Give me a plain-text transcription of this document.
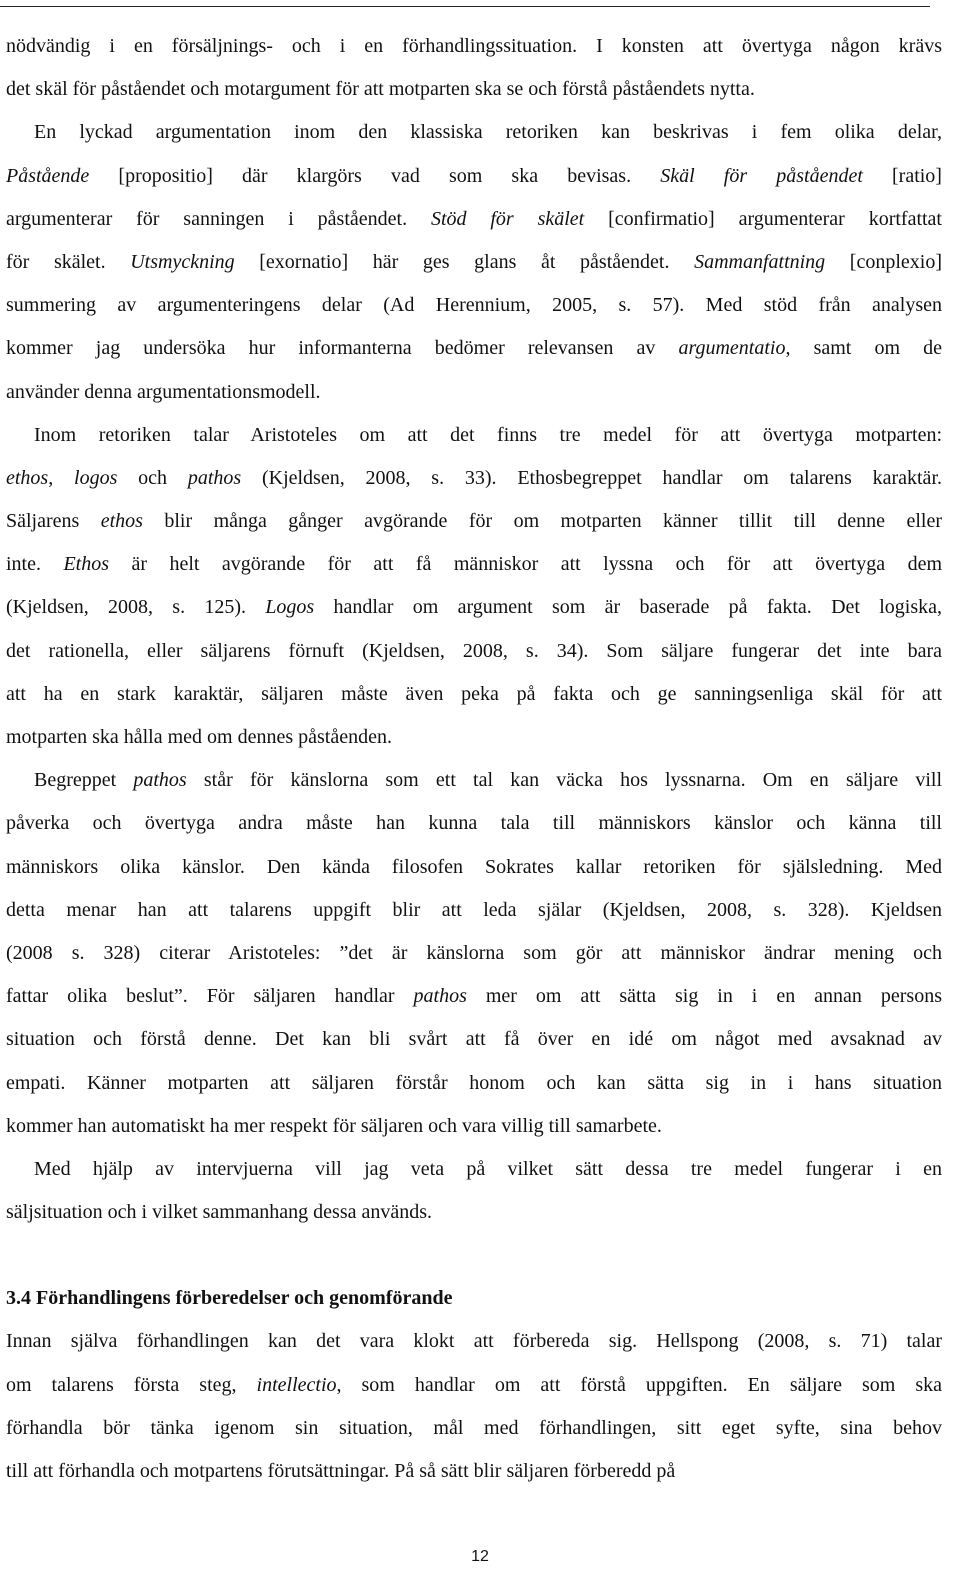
nödvändig i en försäljnings- och i en förhandlingssituation. I konsten att övertyga någon krävs
det skäl för påståendet och motargument för att motparten ska se och förstå påståendets nytta.
En lyckad argumentation inom den klassiska retoriken kan beskrivas i fem olika delar,
Påstående [propositio] där klargörs vad som ska bevisas. Skäl för påståendet [ratio]
argumenterar för sanningen i påståendet. Stöd för skälet [confirmatio] argumenterar kortfattat
för skälet. Utsmyckning [exornatio] här ges glans åt påståendet. Sammanfattning [conplexio]
summering av argumenteringens delar (Ad Herennium, 2005, s. 57). Med stöd från analysen
kommer jag undersöka hur informanterna bedömer relevansen av argumentatio, samt om de
använder denna argumentationsmodell.
Inom retoriken talar Aristoteles om att det finns tre medel för att övertyga motparten:
ethos, logos och pathos (Kjeldsen, 2008, s. 33). Ethosbegreppet handlar om talarens karaktär.
Säljarens ethos blir många gånger avgörande för om motparten känner tillit till denne eller
inte. Ethos är helt avgörande för att få människor att lyssna och för att övertyga dem
(Kjeldsen, 2008, s. 125). Logos handlar om argument som är baserade på fakta. Det logiska,
det rationella, eller säljarens förnuft (Kjeldsen, 2008, s. 34). Som säljare fungerar det inte bara
att ha en stark karaktär, säljaren måste även peka på fakta och ge sanningsenliga skäl för att
motparten ska hålla med om dennes påståenden.
Begreppet pathos står för känslorna som ett tal kan väcka hos lyssnarna. Om en säljare vill
påverka och övertyga andra måste han kunna tala till människors känslor och känna till
människors olika känslor. Den kända filosofen Sokrates kallar retoriken för själsledning. Med
detta menar han att talarens uppgift blir att leda själar (Kjeldsen, 2008, s. 328). Kjeldsen
(2008 s. 328) citerar Aristoteles: ”det är känslorna som gör att människor ändrar mening och
fattar olika beslut”. För säljaren handlar pathos mer om att sätta sig in i en annan persons
situation och förstå denne. Det kan bli svårt att få över en idé om något med avsaknad av
empati. Känner motparten att säljaren förstår honom och kan sätta sig in i hans situation
kommer han automatiskt ha mer respekt för säljaren och vara villig till samarbete.
Med hjälp av intervjuerna vill jag veta på vilket sätt dessa tre medel fungerar i en
säljsituation och i vilket sammanhang dessa används.
3.4 Förhandlingens förberedelser och genomförande
Innan själva förhandlingen kan det vara klokt att förbereda sig. Hellspong (2008, s. 71) talar
om talarens första steg, intellectio, som handlar om att förstå uppgiften. En säljare som ska
förhandla bör tänka igenom sin situation, mål med förhandlingen, sitt eget syfte, sina behov
till att förhandla och motpartens förutsättningar. På så sätt blir säljaren förberedd på
12
